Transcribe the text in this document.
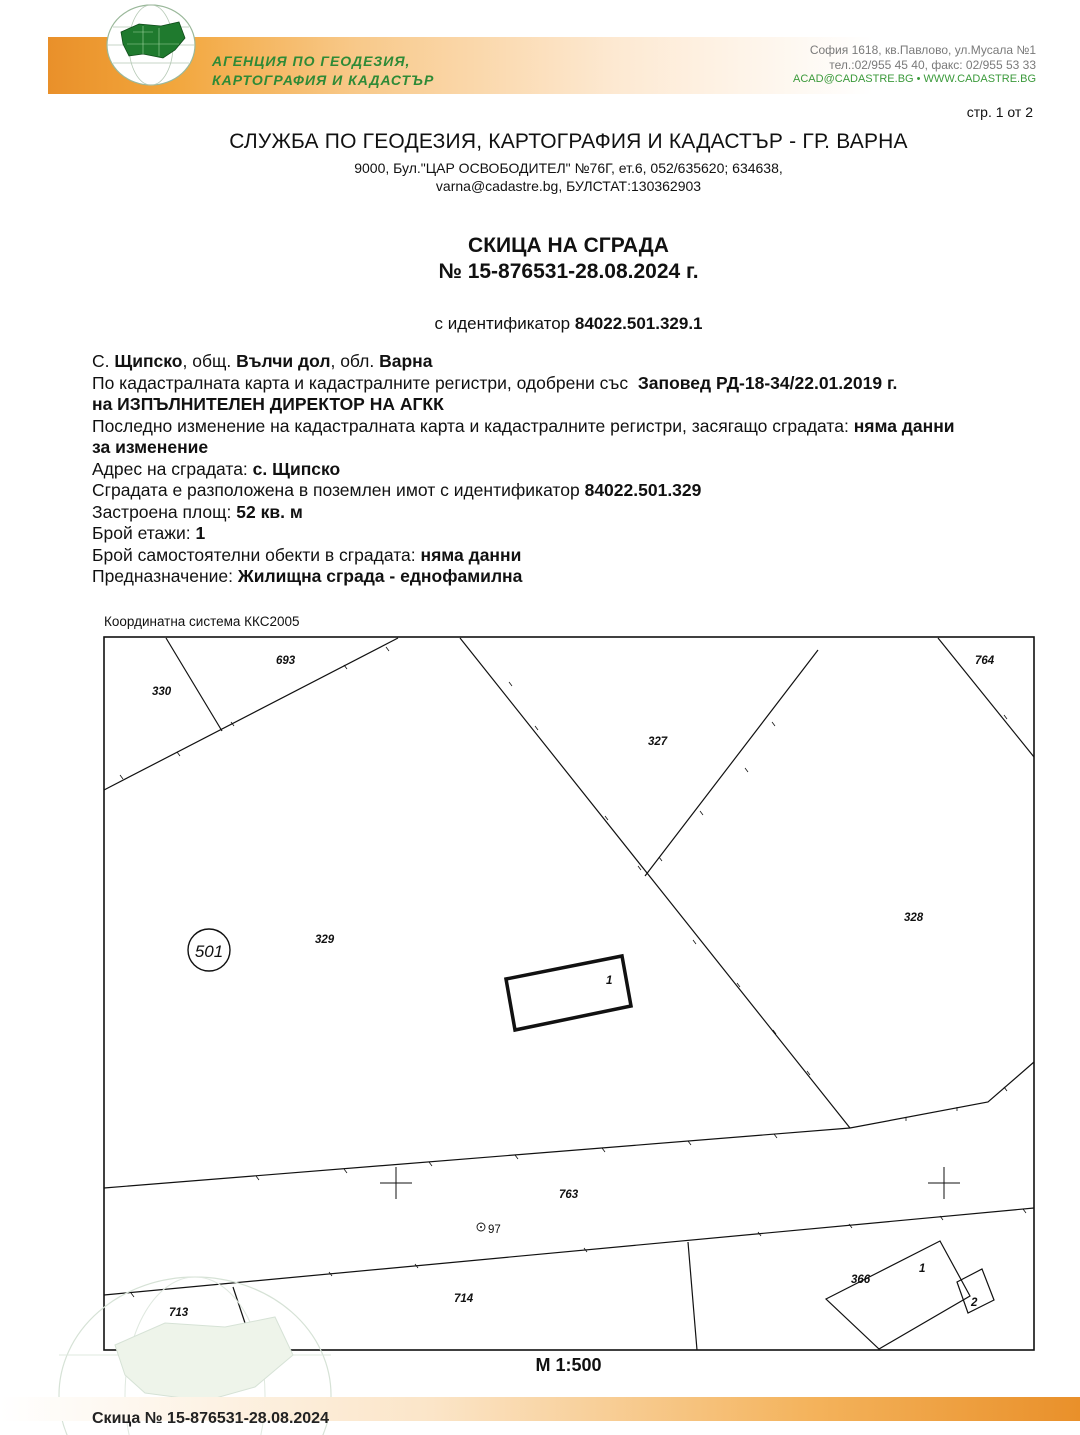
АГЕНЦИЯ ПО ГЕОДЕЗИЯ,
КАРТОГРАФИЯ И КАДАСТЪР
София 1618, кв.Павлово, ул.Мусала №1
тел.:02/955 45 40, факс: 02/955 53 33
ACAD@CADASTRE.BG • WWW.CADASTRE.BG
стр. 1 от 2
СЛУЖБА ПО ГЕОДЕЗИЯ, КАРТОГРАФИЯ И КАДАСТЪР - ГР. ВАРНА
9000, Бул."ЦАР ОСВОБОДИТЕЛ" №76Г, ет.6, 052/635620; 634638,
varna@cadastre.bg, БУЛСТАТ:130362903
СКИЦА НА СГРАДА
№ 15-876531-28.08.2024 г.
с идентификатор 84022.501.329.1
С. Щипско, общ. Вълчи дол, обл. Варна
По кадастралната карта и кадастралните регистри, одобрени със Заповед РД-18-34/22.01.2019 г.
на ИЗПЪЛНИТЕЛЕН ДИРЕКТОР НА АГКК
Последно изменение на кадастралната карта и кадастралните регистри, засягащо сградата: няма данни
за изменение
Адрес на сградата: с. Щипско
Сградата е разположена в поземлен имот с идентификатор 84022.501.329
Застроена площ: 52 кв. м
Брой етажи: 1
Брой самостоятелни обекти в сградата: няма данни
Предназначение: Жилищна сграда - еднофамилна
Координатна система ККС2005
330
693
327
764
328
329
763
714
713
366
1
1
2
501
97
М 1:500
Скица № 15-876531-28.08.2024
